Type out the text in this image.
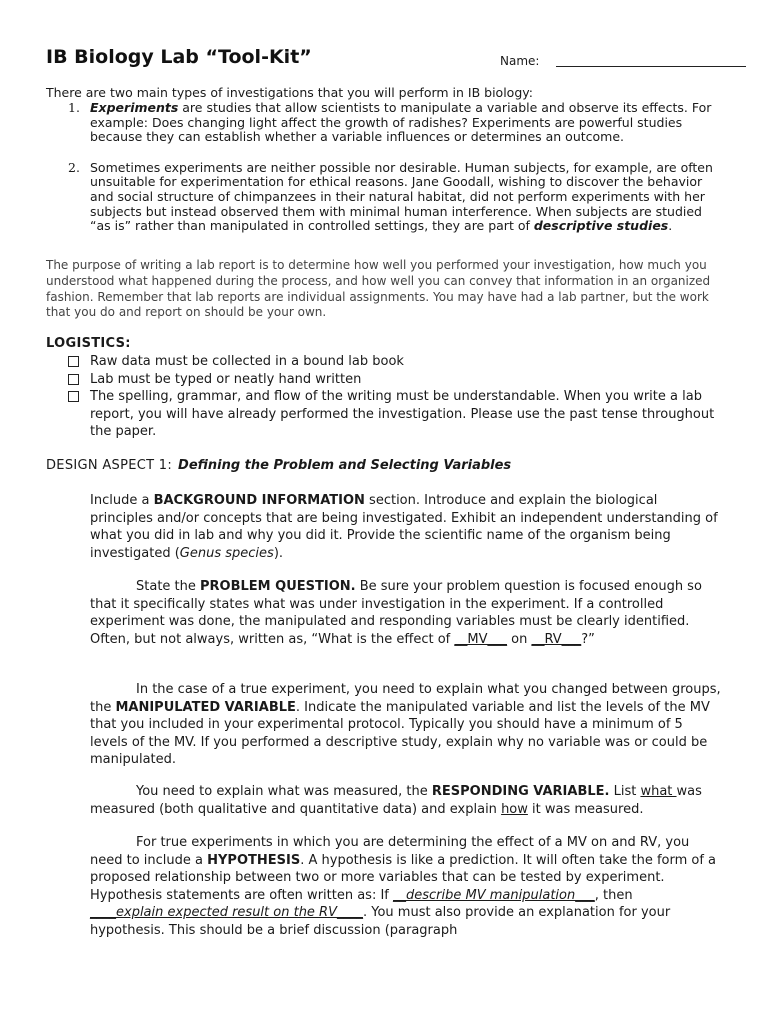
IB Biology Lab “Tool-Kit”	Name:
There are two main types of investigations that you will perform in IB biology:

1. Experiments are studies that allow scientists to manipulate a variable and observe its effects. For example: Does changing light affect the growth of radishes? Experiments are powerful studies because they can establish whether a variable influences or determines an outcome.

2. Sometimes experiments are neither possible nor desirable. Human subjects, for example, are often unsuitable for experimentation for ethical reasons. Jane Goodall, wishing to discover the behavior and social structure of chimpanzees in their natural habitat, did not perform experiments with her subjects but instead observed them with minimal human interference. When subjects are studied “as is” rather than manipulated in controlled settings, they are part of descriptive studies.

The purpose of writing a lab report is to determine how well you performed your investigation, how much you understood what happened during the process, and how well you can convey that information in an organized fashion. Remember that lab reports are individual assignments. You may have had a lab partner, but the work that you do and report on should be your own.
LOGISTICS:
Raw data must be collected in a bound lab book
Lab must be typed or neatly hand written
The spelling, grammar, and flow of the writing must be understandable. When you write a lab report, you will have already performed the investigation. Please use the past tense throughout the paper.
DESIGN ASPECT 1: Defining the Problem and Selecting Variables
Include a BACKGROUND INFORMATION section. Introduce and explain the biological principles and/or concepts that are being investigated. Exhibit an independent understanding of what you did in lab and why you did it. Provide the scientific name of the organism being investigated (Genus species).
State the PROBLEM QUESTION. Be sure your problem question is focused enough so that it specifically states what was under investigation in the experiment. If a controlled experiment was done, the manipulated and responding variables must be clearly identified. Often, but not always, written as, “What is the effect of __MV___ on __RV___?”
In the case of a true experiment, you need to explain what you changed between groups, the MANIPULATED VARIABLE. Indicate the manipulated variable and list the levels of the MV that you included in your experimental protocol. Typically you should have a minimum of 5 levels of the MV. If you performed a descriptive study, explain why no variable was or could be manipulated.
You need to explain what was measured, the RESPONDING VARIABLE. List what was measured (both qualitative and quantitative data) and explain how it was measured.
For true experiments in which you are determining the effect of a MV on and RV, you need to include a HYPOTHESIS. A hypothesis is like a prediction. It will often take the form of a proposed relationship between two or more variables that can be tested by experiment. Hypothesis statements are often written as: If __describe MV manipulation___, then ____explain expected result on the RV____. You must also provide an explanation for your hypothesis. This should be a brief discussion (paragraph
